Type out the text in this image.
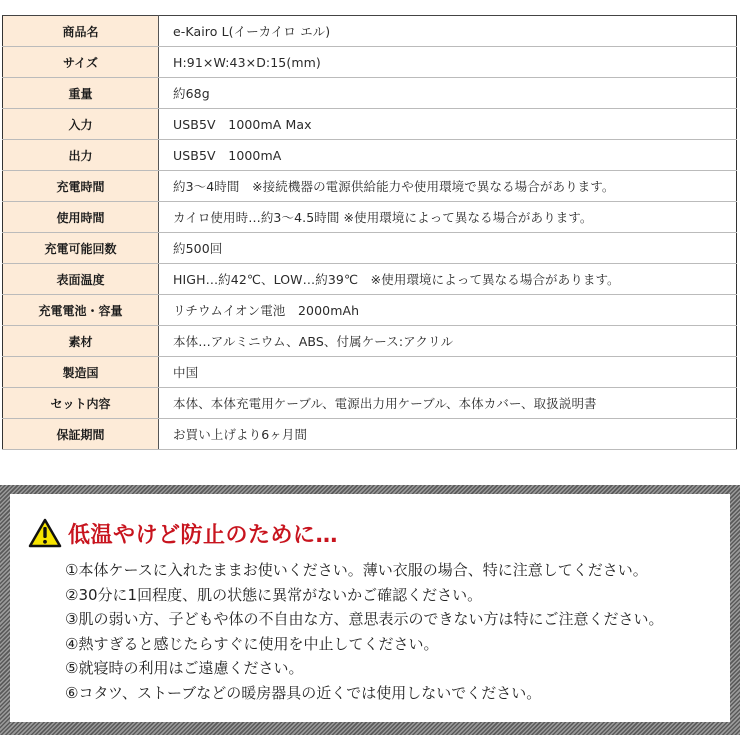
商品名	e-Kairo L(イーカイロ エル)
サイズ	H:91×W:43×D:15(mm)
重量	約68g
入力	USB5V　1000mA Max
出力	USB5V　1000mA
充電時間	約3〜4時間　※接続機器の電源供給能力や使用環境で異なる場合があります。
使用時間	カイロ使用時…約3〜4.5時間 ※使用環境によって異なる場合があります。
充電可能回数	約500回
表面温度	HIGH…約42℃、LOW…約39℃　※使用環境によって異なる場合があります。
充電電池・容量	リチウムイオン電池　2000mAh
素材	本体…アルミニウム、ABS、付属ケース:アクリル
製造国	中国
セット内容	本体、本体充電用ケーブル、電源出力用ケーブル、本体カバー、取扱説明書
保証期間	お買い上げより6ヶ月間
低温やけど防止のために…
①本体ケースに入れたままお使いください。薄い衣服の場合、特に注意してください。
②30分に1回程度、肌の状態に異常がないかご確認ください。
③肌の弱い方、子どもや体の不自由な方、意思表示のできない方は特にご注意ください。
④熱すぎると感じたらすぐに使用を中止してください。
⑤就寝時の利用はご遠慮ください。
⑥コタツ、ストーブなどの暖房器具の近くでは使用しないでください。
